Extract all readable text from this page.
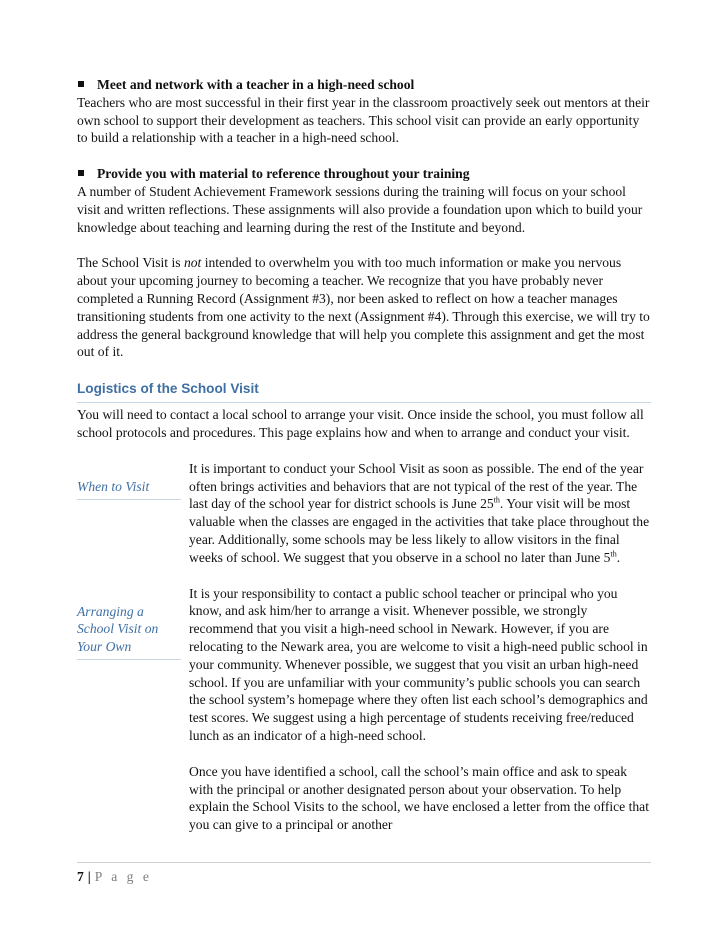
Meet and network with a teacher in a high-need school

Teachers who are most successful in their first year in the classroom proactively seek out mentors at their own school to support their development as teachers. This school visit can provide an early opportunity to build a relationship with a teacher in a high-need school.

Provide you with material to reference throughout your training

A number of Student Achievement Framework sessions during the training will focus on your school visit and written reflections. These assignments will also provide a foundation upon which to build your knowledge about teaching and learning during the rest of the Institute and beyond.

The School Visit is not intended to overwhelm you with too much information or make you nervous about your upcoming journey to becoming a teacher. We recognize that you have probably never completed a Running Record (Assignment #3), nor been asked to reflect on how a teacher manages transitioning students from one activity to the next (Assignment #4). Through this exercise, we will try to address the general background knowledge that will help you complete this assignment and get the most out of it.

Logistics of the School Visit

You will need to contact a local school to arrange your visit. Once inside the school, you must follow all school protocols and procedures. This page explains how and when to arrange and conduct your visit.

When to Visit

It is important to conduct your School Visit as soon as possible. The end of the year often brings activities and behaviors that are not typical of the rest of the year. The last day of the school year for district schools is June 25th. Your visit will be most valuable when the classes are engaged in the activities that take place throughout the year. Additionally, some schools may be less likely to allow visitors in the final weeks of school. We suggest that you observe in a school no later than June 5th.

Arranging a School Visit on Your Own

It is your responsibility to contact a public school teacher or principal who you know, and ask him/her to arrange a visit. Whenever possible, we strongly recommend that you visit a high-need school in Newark. However, if you are relocating to the Newark area, you are welcome to visit a high-need public school in your community. Whenever possible, we suggest that you visit an urban high-need school. If you are unfamiliar with your community’s public schools you can search the school system’s homepage where they often list each school’s demographics and test scores. We suggest using a high percentage of students receiving free/reduced lunch as an indicator of a high-need school.

Once you have identified a school, call the school’s main office and ask to speak with the principal or another designated person about your observation. To help explain the School Visits to the school, we have enclosed a letter from the office that you can give to a principal or another

7 | P a g e
